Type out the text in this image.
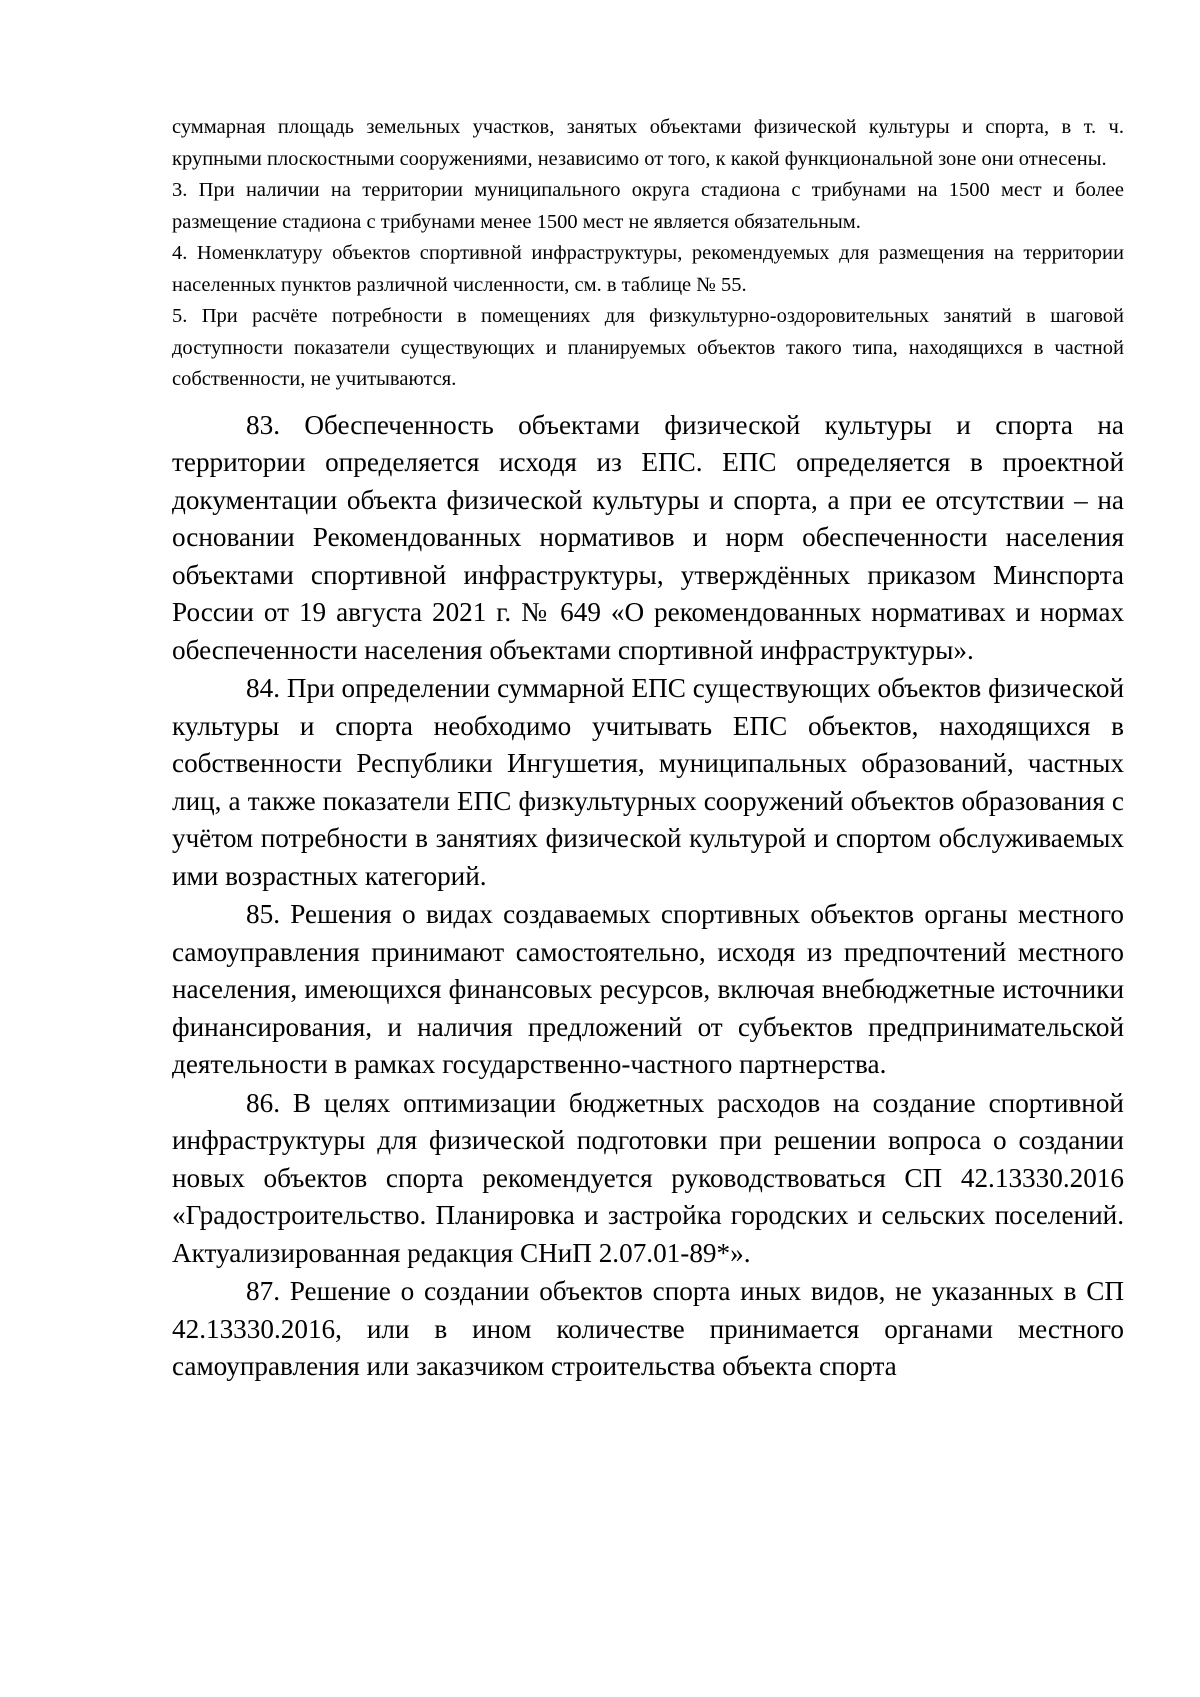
суммарная площадь земельных участков, занятых объектами физической культуры и спорта, в т. ч. крупными плоскостными сооружениями, независимо от того, к какой функциональной зоне они отнесены.

3. При наличии на территории муниципального округа стадиона с трибунами на 1500 мест и более размещение стадиона с трибунами менее 1500 мест не является обязательным.

4. Номенклатуру объектов спортивной инфраструктуры, рекомендуемых для размещения на территории населенных пунктов различной численности, см. в таблице № 55.

5. При расчёте потребности в помещениях для физкультурно-оздоровительных занятий в шаговой доступности показатели существующих и планируемых объектов такого типа, находящихся в частной собственности, не учитываются.

83. Обеспеченность объектами физической культуры и спорта на территории определяется исходя из ЕПС. ЕПС определяется в проектной документации объекта физической культуры и спорта, а при ее отсутствии – на основании Рекомендованных нормативов и норм обеспеченности населения объектами спортивной инфраструктуры, утверждённых приказом Минспорта России от 19 августа 2021 г. № 649 «О рекомендованных нормативах и нормах обеспеченности населения объектами спортивной инфраструктуры».

84. При определении суммарной ЕПС существующих объектов физической культуры и спорта необходимо учитывать ЕПС объектов, находящихся в собственности Республики Ингушетия, муниципальных образований, частных лиц, а также показатели ЕПС физкультурных сооружений объектов образования с учётом потребности в занятиях физической культурой и спортом обслуживаемых ими возрастных категорий.

85. Решения о видах создаваемых спортивных объектов органы местного самоуправления принимают самостоятельно, исходя из предпочтений местного населения, имеющихся финансовых ресурсов, включая внебюджетные источники финансирования, и наличия предложений от субъектов предпринимательской деятельности в рамках государственно-частного партнерства.

86. В целях оптимизации бюджетных расходов на создание спортивной инфраструктуры для физической подготовки при решении вопроса о создании новых объектов спорта рекомендуется руководствоваться СП 42.13330.2016 «Градостроительство. Планировка и застройка городских и сельских поселений. Актуализированная редакция СНиП 2.07.01-89*».

87. Решение о создании объектов спорта иных видов, не указанных в СП 42.13330.2016, или в ином количестве принимается органами местного самоуправления или заказчиком строительства объекта спорта
